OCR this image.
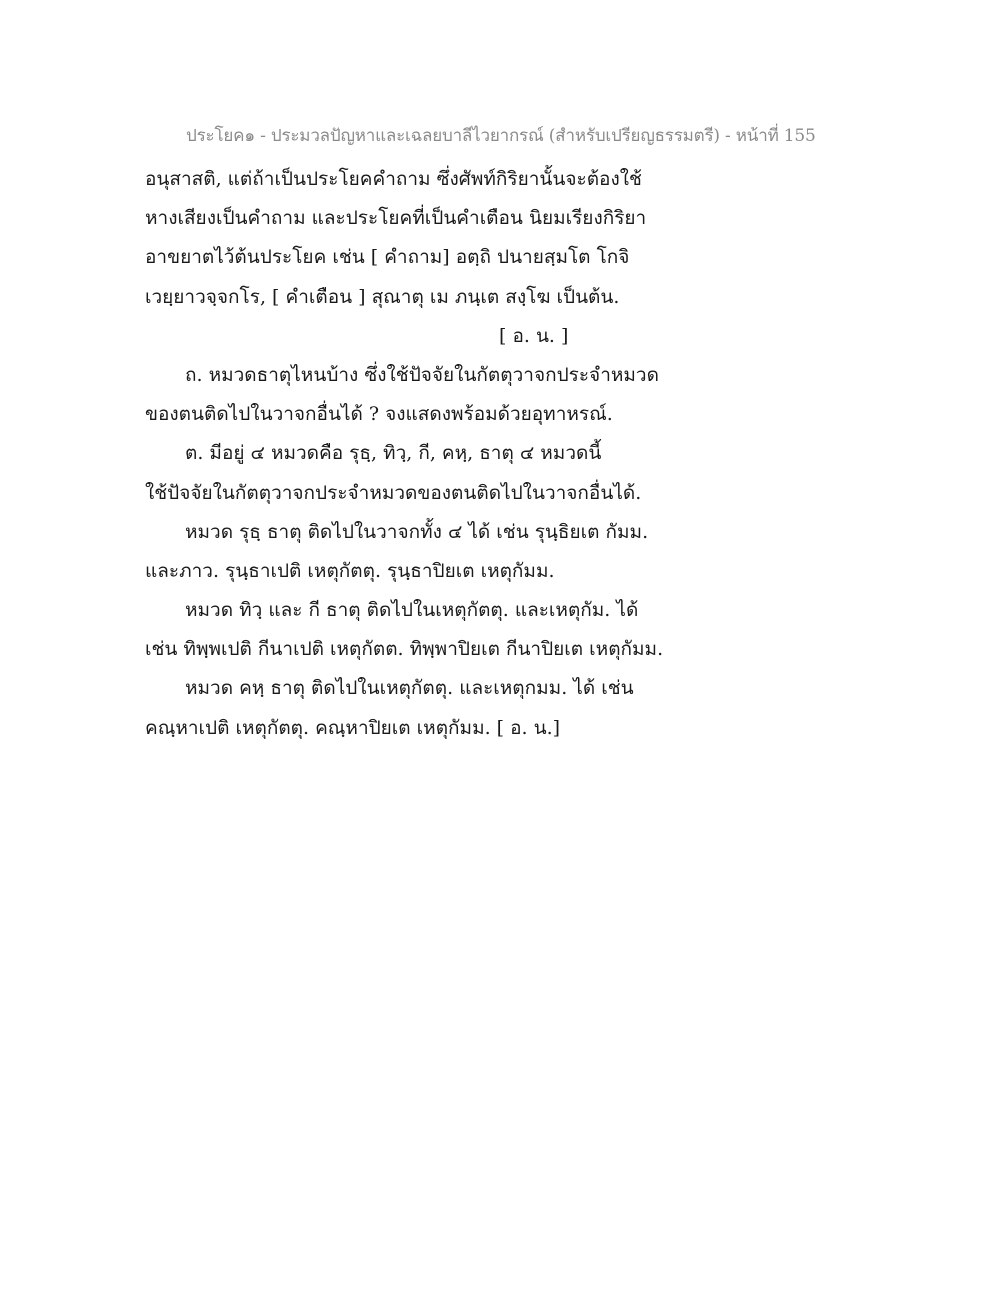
ประโยค๑ - ประมวลปัญหาและเฉลยบาลีไวยากรณ์ (สำหรับเปรียญธรรมตรี) - หน้าที่ 155
อนุสาสติ, แต่ถ้าเป็นประโยคคำถาม ซึ่งศัพท์กิริยานั้นจะต้องใช้
หางเสียงเป็นคำถาม และประโยคที่เป็นคำเตือน นิยมเรียงกิริยา
อาขยาตไว้ต้นประโยค เช่น [ คำถาม] อตฺถิ ปนายสฺมโต โกจิ
เวยฺยาวจฺจกโร, [ คำเตือน ] สุณาตุ เม ภนฺเต สงฺโฆ เป็นต้น.
[ อ. น. ]
ถ. หมวดธาตุไหนบ้าง ซึ่งใช้ปัจจัยในกัตตุวาจกประจำหมวด
ของตนติดไปในวาจกอื่นได้ ? จงแสดงพร้อมด้วยอุทาหรณ์.
ต. มีอยู่ ๔ หมวดคือ รุธฺ, ทิวฺ, กี, คหฺ, ธาตุ ๔ หมวดนี้
ใช้ปัจจัยในกัตตุวาจกประจำหมวดของตนติดไปในวาจกอื่นได้.
หมวด รุธฺ ธาตุ ติดไปในวาจกทั้ง ๔ ได้ เช่น รุนฺธิยเต กัมม.
และภาว. รุนฺธาเปติ เหตุกัตตุ. รุนฺธาปิยเต เหตุกัมม.
หมวด ทิวฺ และ กี ธาตุ ติดไปในเหตุกัตตุ. และเหตุกัม. ได้
เช่น ทิพฺพเปติ กีนาเปติ เหตุกัตต. ทิพฺพาปิยเต กีนาปิยเต เหตุกัมม.
หมวด คหฺ ธาตุ ติดไปในเหตุกัตตุ. และเหตุกมม. ได้ เช่น
คณฺหาเปติ เหตุกัตตุ. คณฺหาปิยเต เหตุกัมม. [ อ. น.]
